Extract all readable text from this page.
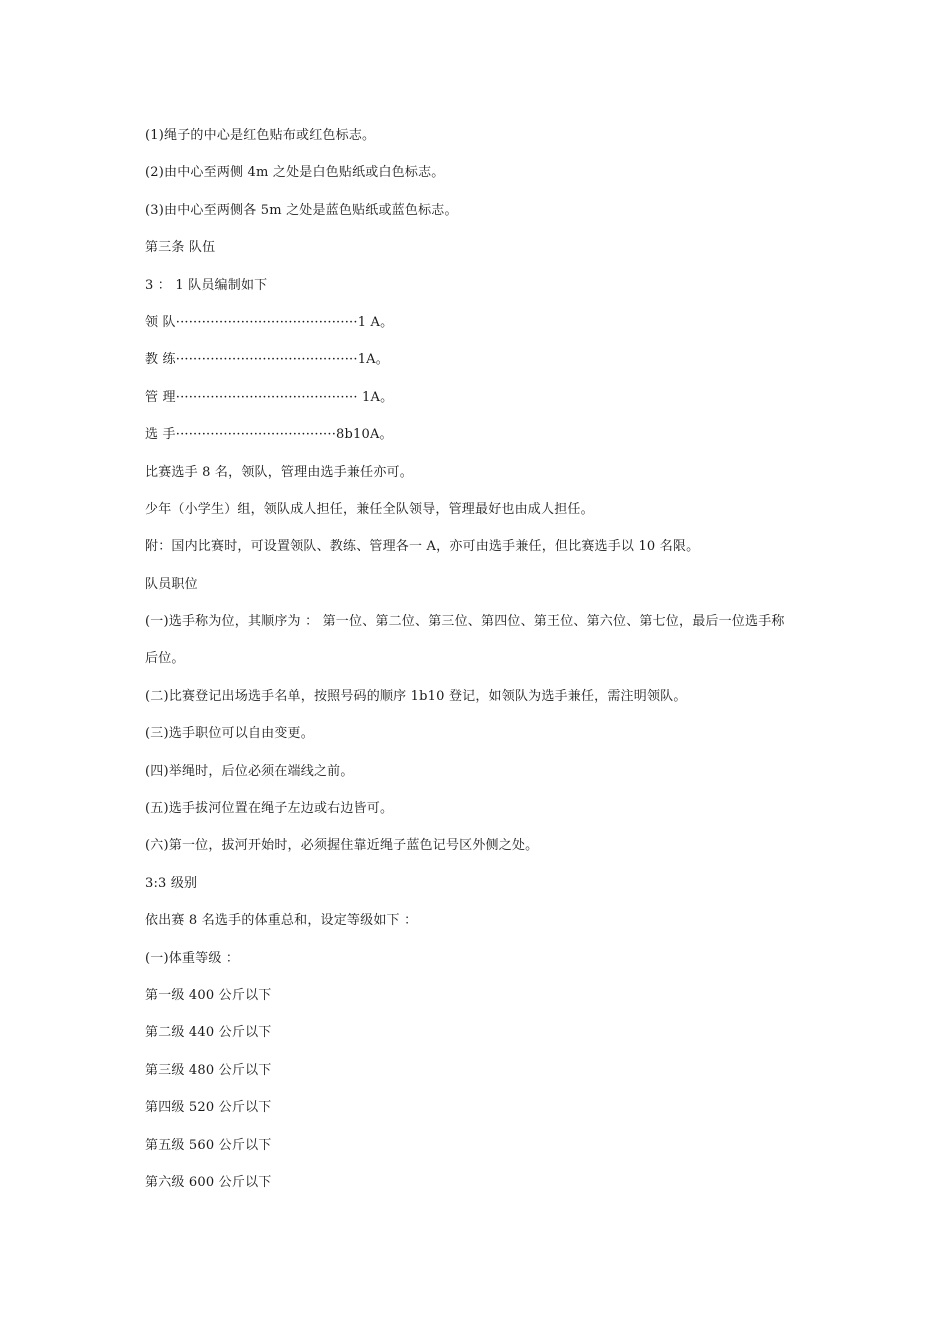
(1)绳子的中心是红色贴布或红色标志。
(2)由中心至两侧 4m 之处是白色贴纸或白色标志。
(3)由中心至两侧各 5m 之处是蓝色贴纸或蓝色标志。
第三条 队伍
3 ： 1 队员编制如下
领 队··········································1 A。
教 练··········································1A。
管 理·········································· 1A。
选 手·····································8b10A。
比赛选手 8 名，领队，管理由选手兼任亦可。
少年（小学生）组，领队成人担任，兼任全队领导，管理最好也由成人担任。
附：国内比赛时，可设置领队、教练、管理各一 A，亦可由选手兼任，但比赛选手以 10 名限。
队员职位
(一)选手称为位，其顺序为 ： 第一位、第二位、第三位、第四位、第王位、第六位、第七位，最后一位选手称
后位。
(二)比赛登记出场选手名单，按照号码的顺序 1b10 登记，如领队为选手兼任，需注明领队。
(三)选手职位可以自由变更。
(四)举绳时，后位必须在端线之前。
(五)选手拔河位置在绳子左边或右边皆可。
(六)第一位，拔河开始时，必须握住靠近绳子蓝色记号区外侧之处。
3:3 级别
依出赛 8 名选手的体重总和，设定等级如下 ：
(一)体重等级 ：
第一级 400 公斤以下
第二级 440 公斤以下
第三级 480 公斤以下
第四级 520 公斤以下
第五级 560 公斤以下
第六级 600 公斤以下
